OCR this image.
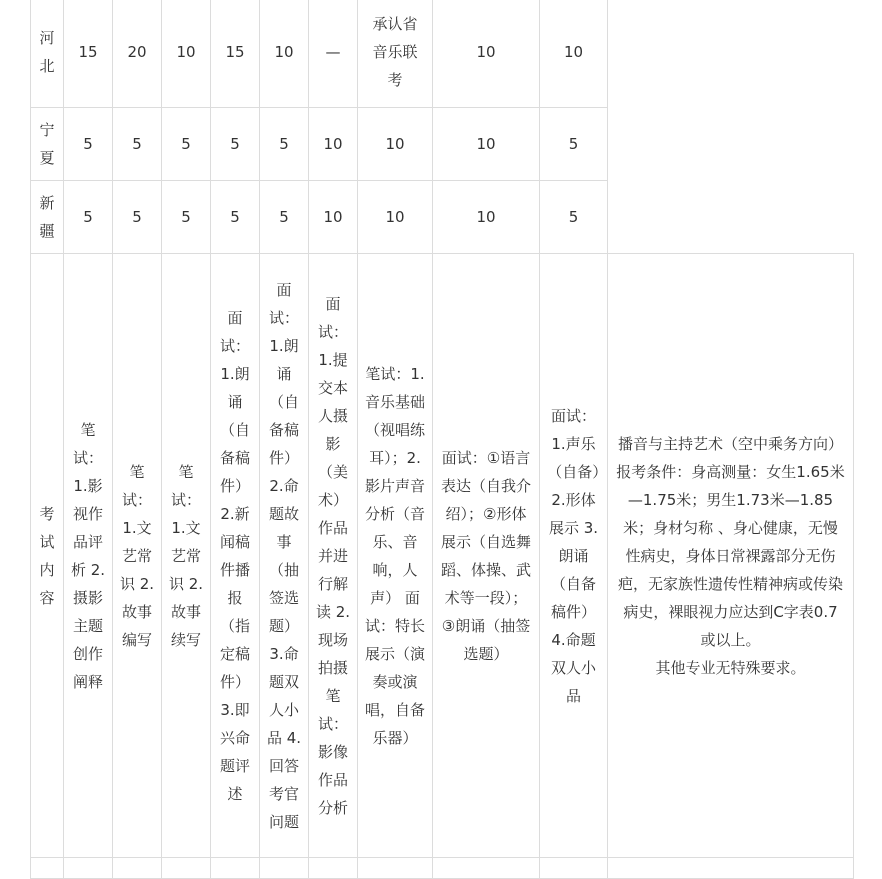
河北	15	20	10	15	10	—	承认省音乐联考	10	10	
宁夏	5	5	5	5	5	10	10	10	5	
新疆	5	5	5	5	5	10	10	10	5	
考试内容	笔试：1.影视作品评析 2.摄影主题创作阐释	笔试：1.文艺常识 2.故事编写	笔试：1.文艺常识 2.故事续写	面试：1.朗诵（自备稿件）2.新闻稿件播报（指定稿件）3.即兴命题评述	面试：1.朗诵（自备稿件）2.命题故事（抽签选题）3.命题双人小品 4.回答考官问题	面试：1.提交本人摄影（美术）作品并进行解读 2.现场拍摄 笔试：影像作品分析	笔试：1.音乐基础（视唱练耳）；2.影片声音分析（音乐、音响，人声） 面试：特长展示（演奏或演唱，自备乐器）	面试：①语言表达（自我介绍）；②形体展示（自选舞蹈、体操、武术等一段）；③朗诵（抽签选题）	面试：1.声乐（自备）2.形体展示 3.朗诵（自备稿件）4.命题双人小品	播音与主持艺术（空中乘务方向）报考条件：身高测量：女生1.65米—1.75米；男生1.73米—1.85米；身材匀称 、身心健康，无慢性病史，身体日常裸露部分无伤疤，无家族性遗传性精神病或传染病史，裸眼视力应达到C字表0.7或以上。
其他专业无特殊要求。
